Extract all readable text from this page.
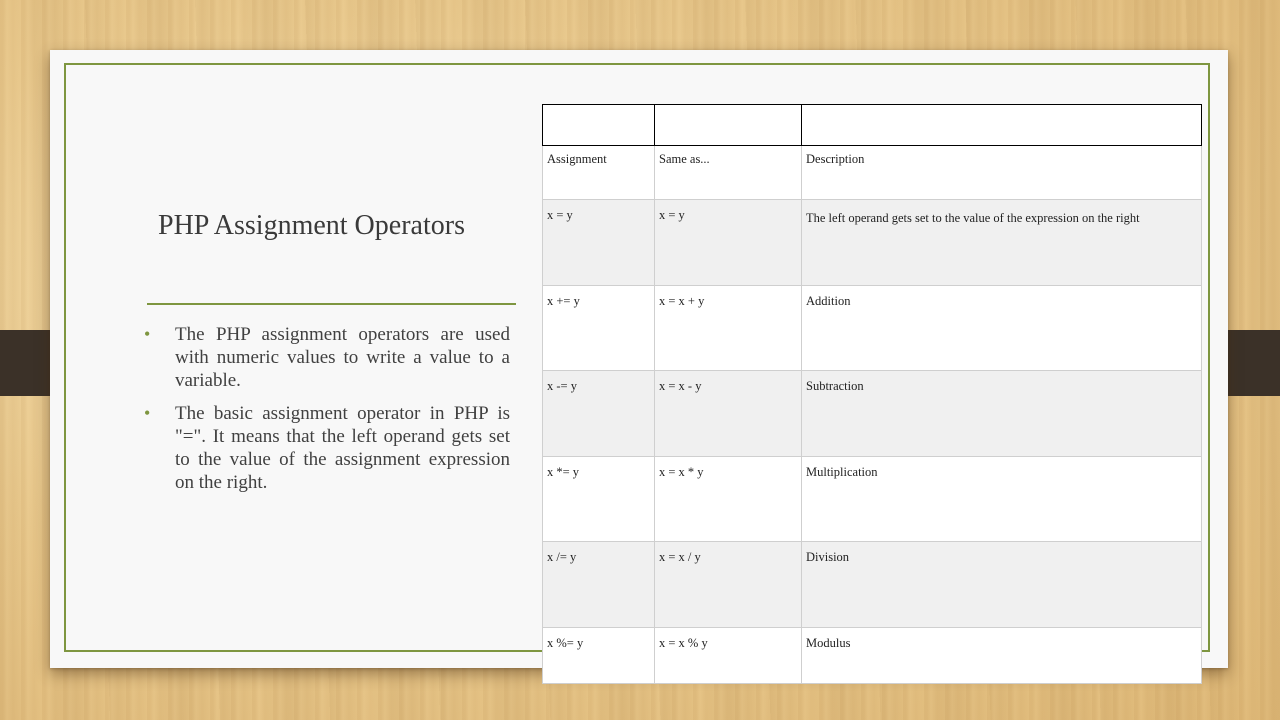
PHP Assignment Operators
• The PHP assignment operators are used with numeric values to write a value to a variable.
• The basic assignment operator in PHP is "=". It means that the left operand gets set to the value of the assignment expression on the right.

Assignment	Same as...	Description
x = y	x = y	The left operand gets set to the value of the expression on the right
x += y	x = x + y	Addition
x -= y	x = x - y	Subtraction
x *= y	x = x * y	Multiplication
x /= y	x = x / y	Division
x %= y	x = x % y	Modulus
